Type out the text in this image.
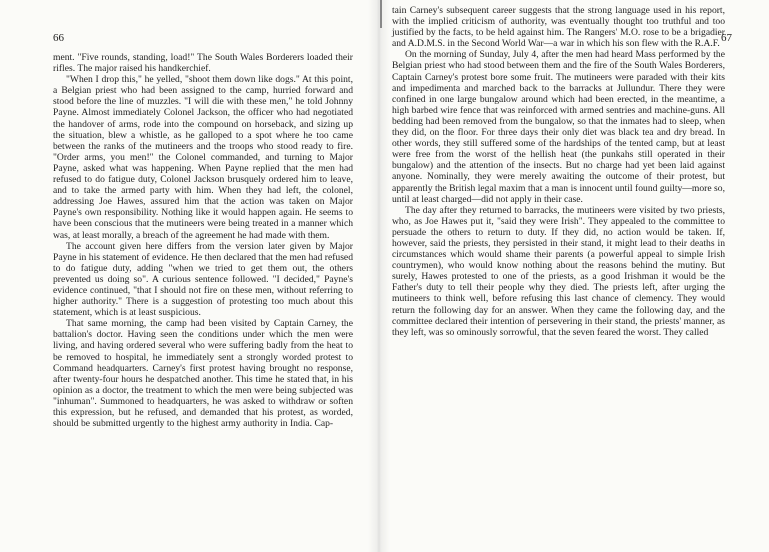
66

ment. "Five rounds, standing, load!" The South Wales Borderers loaded their rifles. The major raised his handkerchief.

"When I drop this," he yelled, "shoot them down like dogs." At this point, a Belgian priest who had been assigned to the camp, hurried forward and stood before the line of muzzles. "I will die with these men," he told Johnny Payne. Almost immediately Colonel Jackson, the officer who had negotiated the handover of arms, rode into the compound on horseback, and sizing up the situation, blew a whistle, as he galloped to a spot where he too came between the ranks of the mutineers and the troops who stood ready to fire. "Order arms, you men!" the Colonel commanded, and turning to Major Payne, asked what was happening. When Payne replied that the men had refused to do fatigue duty, Colonel Jackson brusquely ordered him to leave, and to take the armed party with him. When they had left, the colonel, addressing Joe Hawes, assured him that the action was taken on Major Payne's own responsibility. Nothing like it would happen again. He seems to have been conscious that the mutineers were being treated in a manner which was, at least morally, a breach of the agreement he had made with them.

The account given here differs from the version later given by Major Payne in his statement of evidence. He then declared that the men had refused to do fatigue duty, adding "when we tried to get them out, the others prevented us doing so". A curious sentence followed. "I decided," Payne's evidence continued, "that I should not fire on these men, without referring to higher authority." There is a suggestion of protesting too much about this statement, which is at least suspicious.

That same morning, the camp had been visited by Captain Carney, the battalion's doctor. Having seen the conditions under which the men were living, and having ordered several who were suffering badly from the heat to be removed to hospital, he immediately sent a strongly worded protest to Command headquarters. Carney's first protest having brought no response, after twenty-four hours he despatched another. This time he stated that, in his opinion as a doctor, the treatment to which the men were being subjected was "inhuman". Summoned to headquarters, he was asked to withdraw or soften this expression, but he refused, and demanded that his protest, as worded, should be submitted urgently to the highest army authority in India. Cap-

67

tain Carney's subsequent career suggests that the strong language used in his report, with the implied criticism of authority, was eventually thought too truthful and too justified by the facts, to be held against him. The Rangers' M.O. rose to be a brigadier and A.D.M.S. in the Second World War—a war in which his son flew with the R.A.F.

On the morning of Sunday, July 4, after the men had heard Mass performed by the Belgian priest who had stood between them and the fire of the South Wales Borderers, Captain Carney's protest bore some fruit. The mutineers were paraded with their kits and impedimenta and marched back to the barracks at Jullundur. There they were confined in one large bungalow around which had been erected, in the meantime, a high barbed wire fence that was reinforced with armed sentries and machine-guns. All bedding had been removed from the bungalow, so that the inmates had to sleep, when they did, on the floor. For three days their only diet was black tea and dry bread. In other words, they still suffered some of the hardships of the tented camp, but at least were free from the worst of the hellish heat (the punkahs still operated in their bungalow) and the attention of the insects. But no charge had yet been laid against anyone. Nominally, they were merely awaiting the outcome of their protest, but apparently the British legal maxim that a man is innocent until found guilty—more so, until at least charged—did not apply in their case.

The day after they returned to barracks, the mutineers were visited by two priests, who, as Joe Hawes put it, "said they were Irish". They appealed to the committee to persuade the others to return to duty. If they did, no action would be taken. If, however, said the priests, they persisted in their stand, it might lead to their deaths in circumstances which would shame their parents (a powerful appeal to simple Irish countrymen), who would know nothing about the reasons behind the mutiny. But surely, Hawes protested to one of the priests, as a good Irishman it would be the Father's duty to tell their people why they died. The priests left, after urging the mutineers to think well, before refusing this last chance of clemency. They would return the following day for an answer. When they came the following day, and the committee declared their intention of persevering in their stand, the priests' manner, as they left, was so ominously sorrowful, that the seven feared the worst. They called
